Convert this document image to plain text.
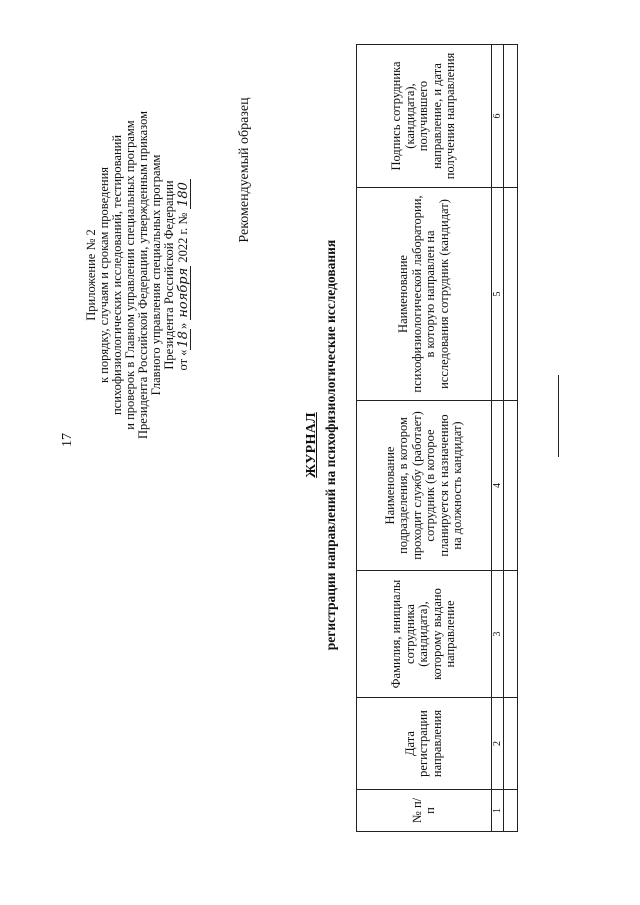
17
Приложение № 2 к порядку, случаям и срокам проведения психофизиологических исследований, тестирований и проверок в Главном управлении специальных программ Президента Российской Федерации, утвержденным приказом Главного управления специальных программ Президента Российской Федерации от «18» ноября 2022 г. № 180	Рекомендуемый образец
ЖУРНАЛ регистрации направлений на психофизиологические исследования
№ п/п	Дата регистрации направления	Фамилия, инициалы сотрудника (кандидата), которому выдано направление	Наименование подразделения, в котором проходит службу (работает) сотрудник (в которое планируется к назначению на должность кандидат)	Наименование психофизиологической лаборатории, в которую направлен на исследования сотрудник (кандидат)	Подпись сотрудника (кандидата), получившего направление, и дата получения направления
1	2	3	4	5	6
